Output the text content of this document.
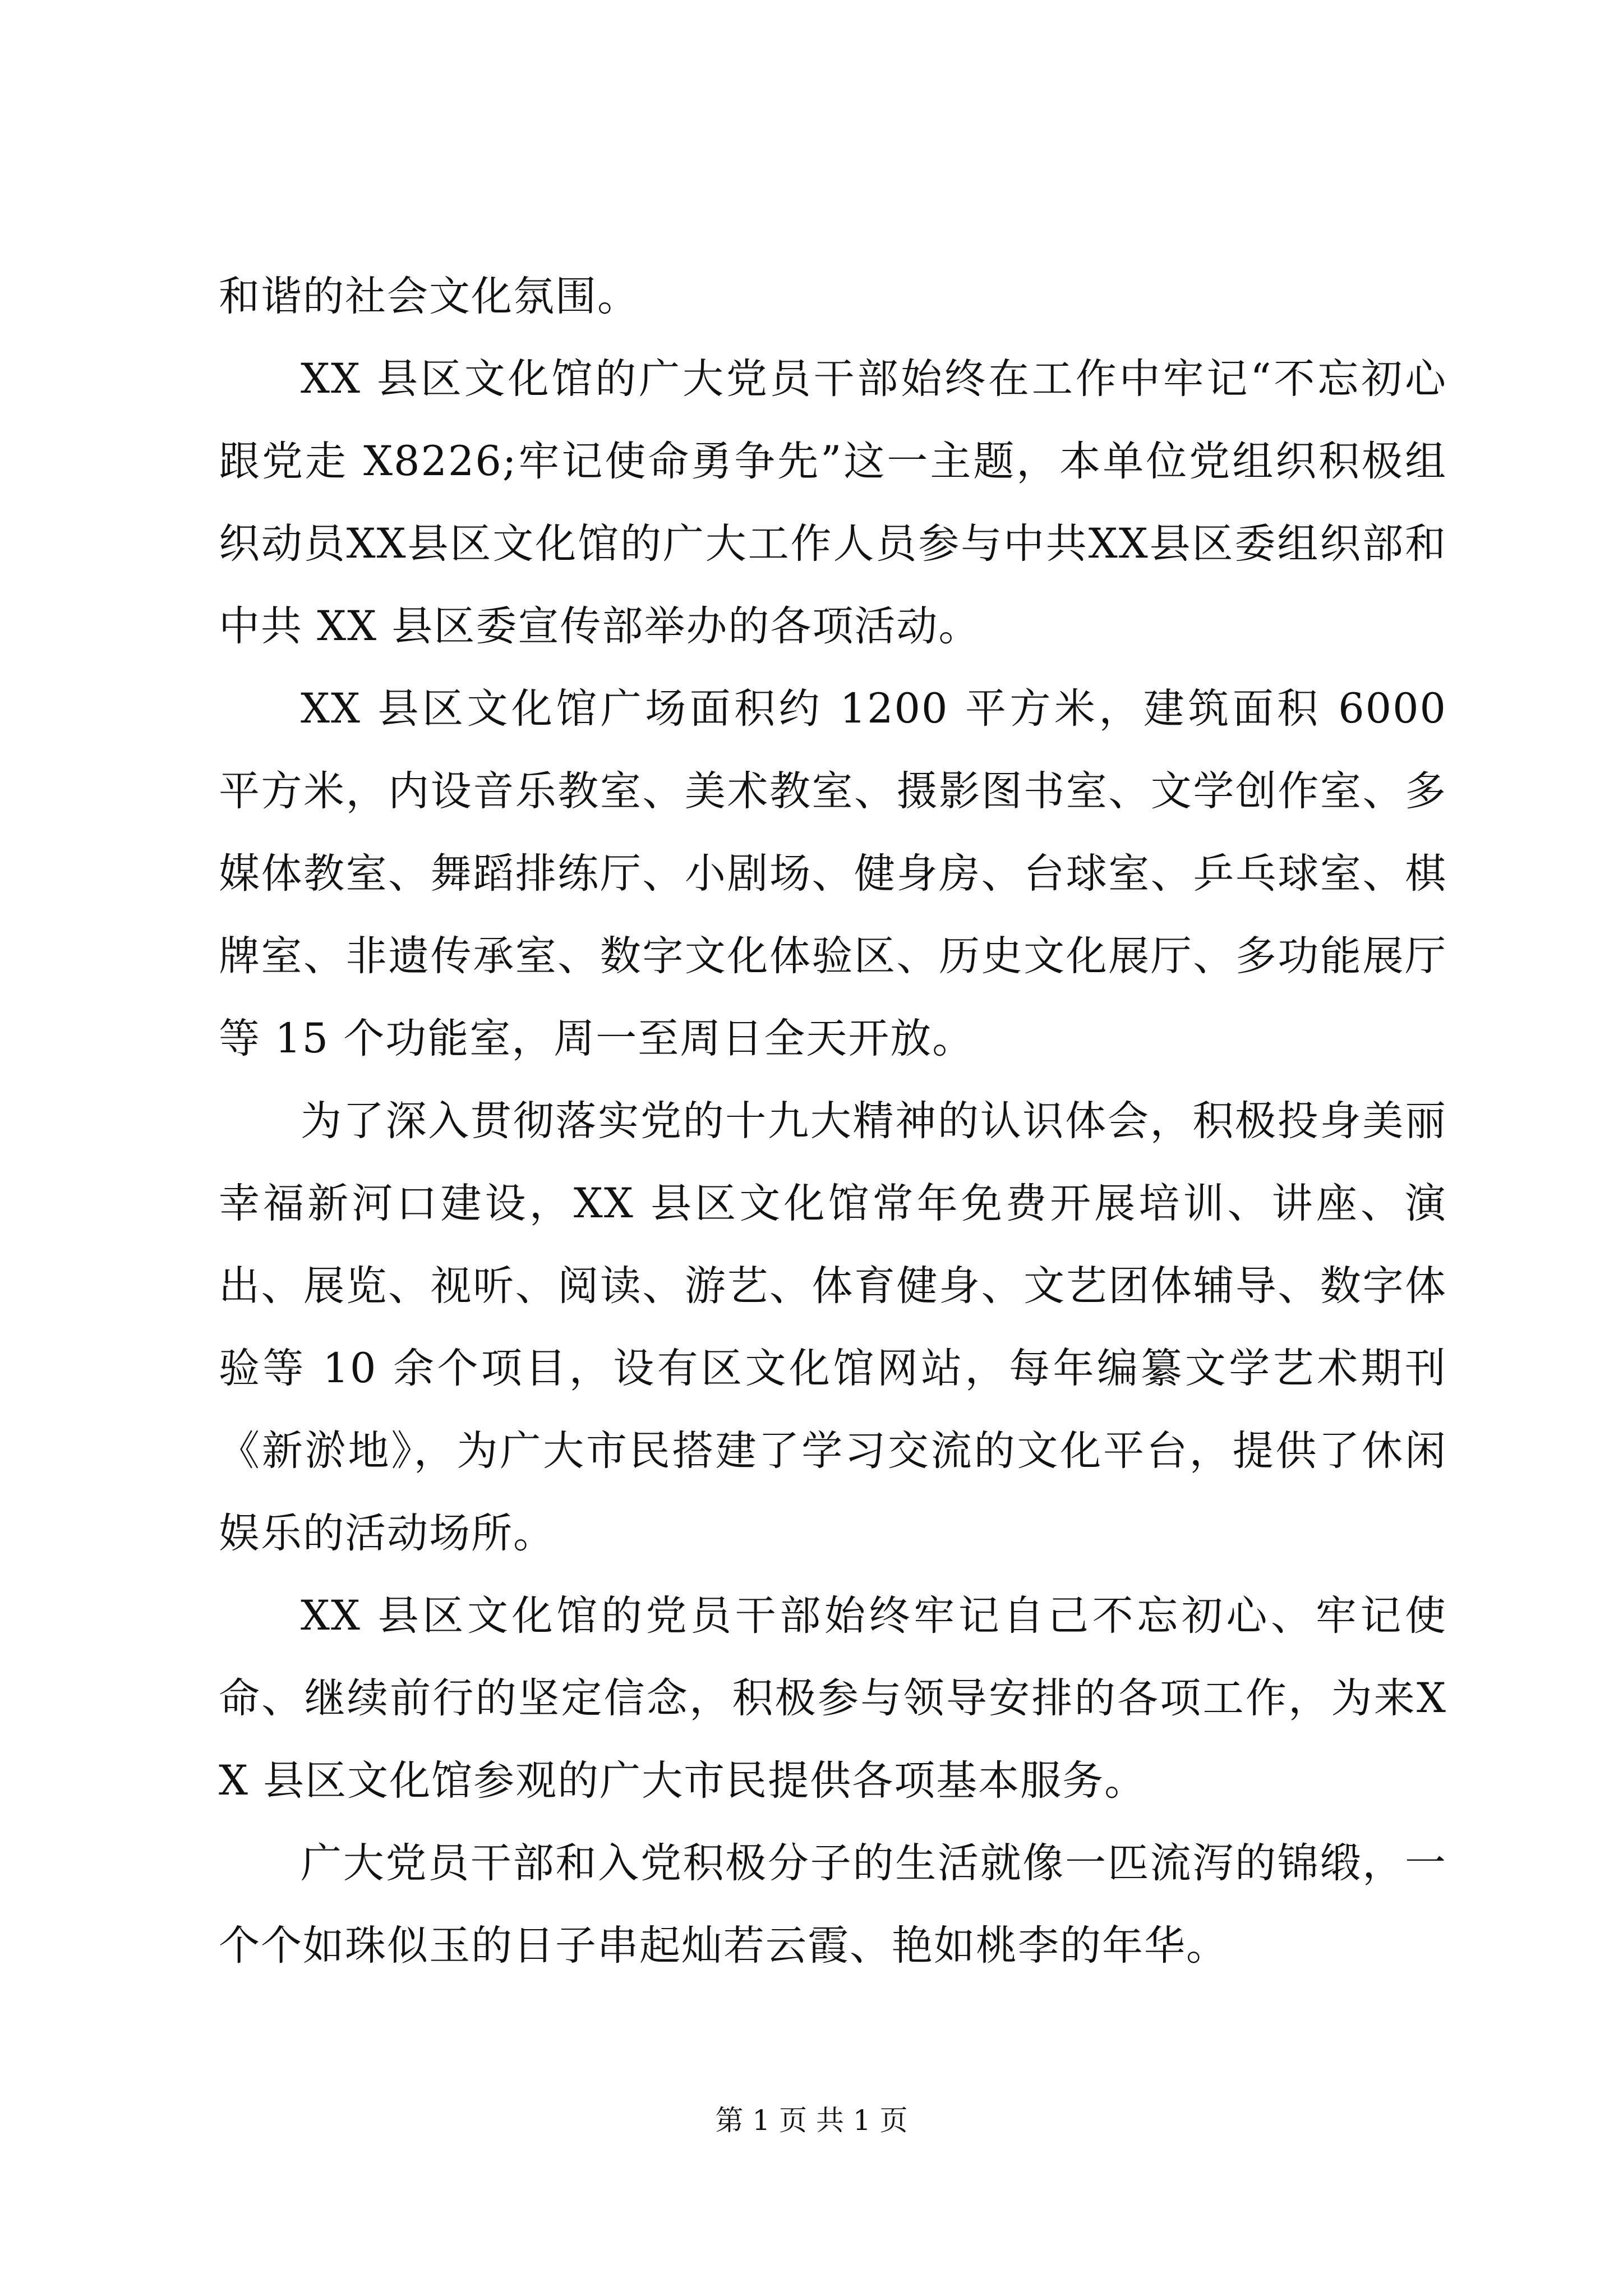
和谐的社会文化氛围。

XX 县区文化馆的广大党员干部始终在工作中牢记“不忘初心跟党走 X8226;牢记使命勇争先”这一主题，本单位党组织积极组织动员XX县区文化馆的广大工作人员参与中共XX县区委组织部和中共 XX 县区委宣传部举办的各项活动。

XX 县区文化馆广场面积约 1200 平方米，建筑面积 6000 平方米，内设音乐教室、美术教室、摄影图书室、文学创作室、多媒体教室、舞蹈排练厅、小剧场、健身房、台球室、乒乓球室、棋牌室、非遗传承室、数字文化体验区、历史文化展厅、多功能展厅等 15 个功能室，周一至周日全天开放。

为了深入贯彻落实党的十九大精神的认识体会，积极投身美丽幸福新河口建设，XX 县区文化馆常年免费开展培训、讲座、演出、展览、视听、阅读、游艺、体育健身、文艺团体辅导、数字体验等 10 余个项目，设有区文化馆网站，每年编纂文学艺术期刊《新淤地》，为广大市民搭建了学习交流的文化平台，提供了休闲娱乐的活动场所。

XX 县区文化馆的党员干部始终牢记自己不忘初心、牢记使命、继续前行的坚定信念，积极参与领导安排的各项工作，为来XX 县区文化馆参观的广大市民提供各项基本服务。

广大党员干部和入党积极分子的生活就像一匹流泻的锦缎，一个个如珠似玉的日子串起灿若云霞、艳如桃李的年华。

第 1 页 共 1 页
